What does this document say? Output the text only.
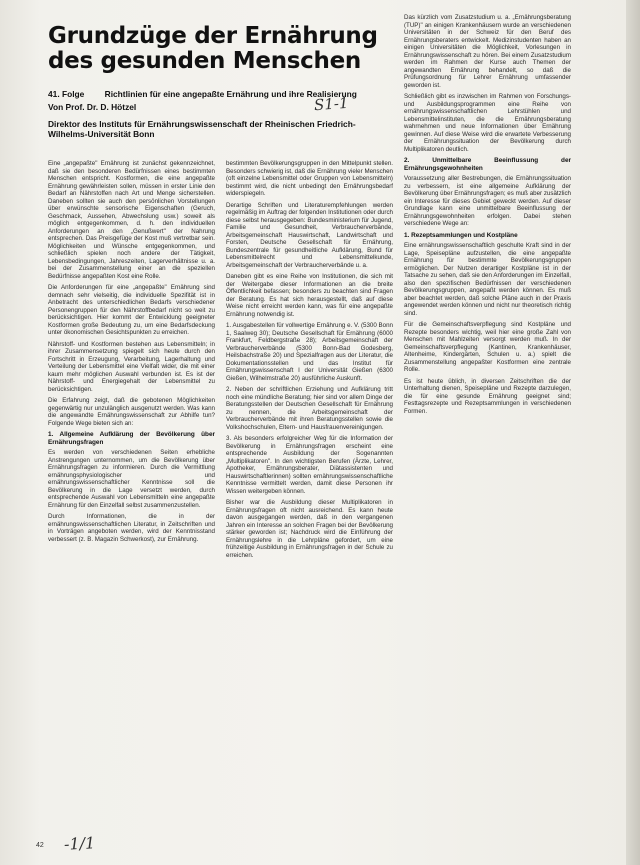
Grundzüge der Ernährung
des gesunden Menschen
41. Folge Richtlinien für eine angepaßte Ernährung und ihre Realisierung
Von Prof. Dr. D. Hötzel
Direktor des Instituts für Ernährungswissenschaft der Rheinischen Friedrich-Wilhelms-Universität Bonn
S1-1

Eine „angepaßte" Ernährung ist zunächst gekennzeichnet, daß sie den besonderen Bedürfnissen eines bestimmten Menschen entspricht. Kostformen, die eine angepaßte Ernährung gewährleisten sollen, müssen in erster Linie den Bedarf an Nährstoffen nach Art und Menge sicherstellen. Daneben sollten sie auch den persönlichen Vorstellungen über erwünschte sensorische Eigenschaften (Geruch, Geschmack, Aussehen, Abwechslung usw.) soweit als möglich entgegenkommen, d. h. den individuellen Anforderungen an den „Genußwert" der Nahrung entsprechen. Das Preisgefüge der Kost muß vertretbar sein. Möglichkeiten und Wünsche entgegenkommen, und schließlich spielen noch andere der Tätigkeit, Lebensbedingungen, Jahreszeiten, Lagerverhältnisse u. a. bei der Zusammenstellung einer an die speziellen Bedürfnisse angepaßten Kost eine Rolle.

Die Anforderungen für eine „angepaßte" Ernährung sind demnach sehr vielseitig, die individuelle Spezifität ist in Anbetracht des unterschiedlichen Bedarfs verschiedener Personengruppen für den Nährstoffbedarf nicht so weit zu berücksichtigen. Hier kommt der Entwicklung geeigneter Kostformen große Bedeutung zu, um eine Bedarfsdeckung unter ökonomischen Gesichtspunkten zu erreichen.

Nährstoff- und Kostformen bestehen aus Lebensmitteln; in ihrer Zusammensetzung spiegelt sich heute durch den Fortschritt in Erzeugung, Verarbeitung, Lagerhaltung und Verteilung der Lebensmittel eine Vielfalt wider, die mit einer kaum mehr möglichen Auswahl verbunden ist. Es ist der Nährstoff- und Energiegehalt der Lebensmittel zu berücksichtigen.

Die Erfahrung zeigt, daß die gebotenen Möglichkeiten gegenwärtig nur unzulänglich ausgenutzt werden. Was kann die angewandte Ernährungswissenschaft zur Abhilfe tun? Folgende Wege bieten sich an:

1. Allgemeine Aufklärung der Bevölkerung über Ernährungsfragen

Es werden von verschiedenen Seiten erhebliche Anstrengungen unternommen, um die Bevölkerung über Ernährungsfragen zu informieren. Durch die Vermittlung ernährungsphysiologischer und ernährungswissenschaftlicher Kenntnisse soll die Bevölkerung in die Lage versetzt werden, durch entsprechende Auswahl von Lebensmitteln eine angepaßte Ernährung für den Einzelfall selbst zusammenzustellen.

Durch Informationen, die in der ernährungswissenschaftlichen Literatur, in Zeitschriften und in Vorträgen angeboten werden, wird der Kenntnisstand verbessert (z. B. Magazin Schwerkost), zur Ernährung.

bestimmten Bevölkerungsgruppen in den Mittelpunkt stellen. Besonders schwierig ist, daß die Ernährung vieler Menschen (oft einzelne Lebensmittel oder Gruppen von Lebensmitteln) bestimmt wird, die nicht unbedingt den Ernährungsbedarf widerspiegeln.

Derartige Schriften und Literaturempfehlungen werden regelmäßig im Auftrag der folgenden Institutionen oder durch diese selbst herausgegeben: Bundesministerium für Jugend, Familie und Gesundheit, Verbraucherverbände, Arbeitsgemeinschaft Hauswirtschaft, Landwirtschaft und Forsten, Deutsche Gesellschaft für Ernährung, Bundeszentrale für gesundheitliche Aufklärung, Bund für Lebensmittelrecht und Lebensmittelkunde, Arbeitsgemeinschaft der Verbraucherverbände u. a.

Daneben gibt es eine Reihe von Institutionen, die sich mit der Weitergabe dieser Informationen an die breite Öffentlichkeit befassen; besonders zu beachten sind Fragen der Beratung. Es hat sich herausgestellt, daß auf diese Weise nicht erreicht werden kann, was für eine angepaßte Ernährung notwendig ist.

1. Ausgabestellen für vollwertige Ernährung e. V. (5300 Bonn 1, Saalweg 30); Deutsche Gesellschaft für Ernährung (6000 Frankfurt, Feldbergstraße 28); Arbeitsgemeinschaft der Verbraucherverbände (5300 Bonn-Bad Godesberg, Heilsbachstraße 20) und Spezialfragen aus der Literatur, die Dokumentationsstellen und das Institut für Ernährungswissenschaft I der Universität Gießen (6300 Gießen, Wilhelmstraße 20) ausführliche Auskunft.

2. Neben der schriftlichen Erziehung und Aufklärung tritt noch eine mündliche Beratung; hier sind vor allem Dinge der Beratungsstellen der Deutschen Gesellschaft für Ernährung zu nennen, die Arbeitsgemeinschaft der Verbraucherverbände mit ihren Beratungsstellen sowie die Volkshochschulen, Eltern- und Hausfrauenvereinigungen.

3. Als besonders erfolgreicher Weg für die Information der Bevölkerung in Ernährungsfragen erscheint eine entsprechende Ausbildung der Sogenannten „Multiplikatoren". In den wichtigsten Berufen (Ärzte, Lehrer, Apotheker, Ernährungsberater, Diätassistenten und Hauswirtschaftlerinnen) sollten ernährungswissenschaftliche Kenntnisse vermittelt werden, damit diese Personen ihr Wissen weitergeben können.

Bisher war die Ausbildung dieser Multiplikatoren in Ernährungsfragen oft nicht ausreichend. Es kann heute davon ausgegangen werden, daß in den vergangenen Jahren ein Interesse an solchen Fragen bei der Bevölkerung stärker geworden ist; Nachdruck wird die Einführung der Ernährungslehre in die Lehrpläne gefordert, um eine frühzeitige Ausbildung in Ernährungsfragen in der Schule zu erreichen.

Das kürzlich vom Zusatzstudium u. a. „Ernährungsberatung (TUP)" an einigen Krankenhäusern wurde an verschiedenen Universitäten in der Schweiz für den Beruf des Ernährungsberaters entwickelt. Medizinstudenten haben an einigen Universitäten die Möglichkeit, Vorlesungen in Ernährungswissenschaft zu hören. Bei einem Zusatzstudium werden im Rahmen der Kurse auch Themen der angewandten Ernährung behandelt, so daß die Prüfungsordnung für Lehrer Ernährung umfassender geworden ist.

Schließlich gibt es inzwischen im Rahmen von Forschungs- und Ausbildungsprogrammen eine Reihe von ernährungswissenschaftlichen Lehrstühlen und Lebensmittelinstituten, die die Ernährungsberatung wahrnehmen und neue Informationen über Ernährung gewinnen. Auf diese Weise wird die erwartete Verbesserung der Ernährungssituation der Bevölkerung durch Multiplikatoren deutlich.

2. Unmittelbare Beeinflussung der Ernährungsgewohnheiten

Voraussetzung aller Bestrebungen, die Ernährungssituation zu verbessern, ist eine allgemeine Aufklärung der Bevölkerung über Ernährungsfragen; es muß aber zusätzlich ein Interesse für dieses Gebiet geweckt werden. Auf dieser Grundlage kann eine unmittelbare Beeinflussung der Ernährungsgewohnheiten erfolgen. Dabei stehen verschiedene Wege an:

1. Rezeptsammlungen und Kostpläne

Eine ernährungswissenschaftlich geschulte Kraft sind in der Lage, Speisepläne aufzustellen, die eine angepaßte Ernährung für bestimmte Bevölkerungsgruppen ermöglichen. Der Nutzen derartiger Kostpläne ist in der Tatsache zu sehen, daß sie den Anforderungen im Einzelfall, also den spezifischen Bedürfnissen der verschiedenen Bevölkerungsgruppen, angepaßt werden können. Es muß aber beachtet werden, daß solche Pläne auch in der Praxis angewendet werden können und nicht nur theoretisch richtig sind.

Für die Gemeinschaftsverpflegung sind Kostpläne und Rezepte besonders wichtig, weil hier eine große Zahl von Menschen mit Mahlzeiten versorgt werden muß. In der Gemeinschaftsverpflegung (Kantinen, Krankenhäuser, Altenheime, Kindergärten, Schulen u. a.) spielt die Zusammenstellung angepaßter Kostformen eine zentrale Rolle.

Es ist heute üblich, in diversen Zeitschriften die der Unterhaltung dienen, Speisepläne und Rezepte darzulegen, die für eine gesunde Ernährung geeignet sind; Festtagsrezepte und Rezeptsammlungen in verschiedenen Formen.

42 -1/1
